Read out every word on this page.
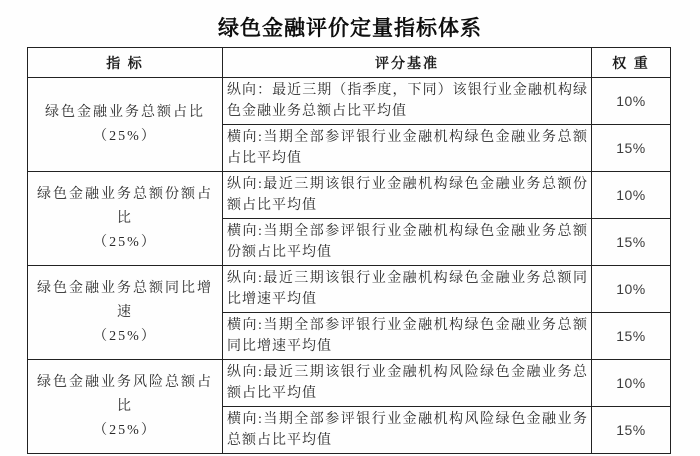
绿色金融评价定量指标体系
指 标	评分基准	权 重

绿色金融业务总额占比
（25%）	纵向：最近三期（指季度，下同）该银行业金融机构绿色金融业务总额占比平均值	10%
	横向:当期全部参评银行业金融机构绿色金融业务总额占比平均值	15%

绿色金融业务总额份额占比
（25%）	纵向:最近三期该银行业金融机构绿色金融业务总额份额占比平均值	10%
	横向:当期全部参评银行业金融机构绿色金融业务总额份额占比平均值	15%

绿色金融业务总额同比增速
（25%）	纵向:最近三期该银行业金融机构绿色金融业务总额同比增速平均值	10%
	横向:当期全部参评银行业金融机构绿色金融业务总额同比增速平均值	15%

绿色金融业务风险总额占比
（25%）	纵向:最近三期该银行业金融机构风险绿色金融业务总额占比平均值	10%
	横向:当期全部参评银行业金融机构风险绿色金融业务总额占比平均值	15%
